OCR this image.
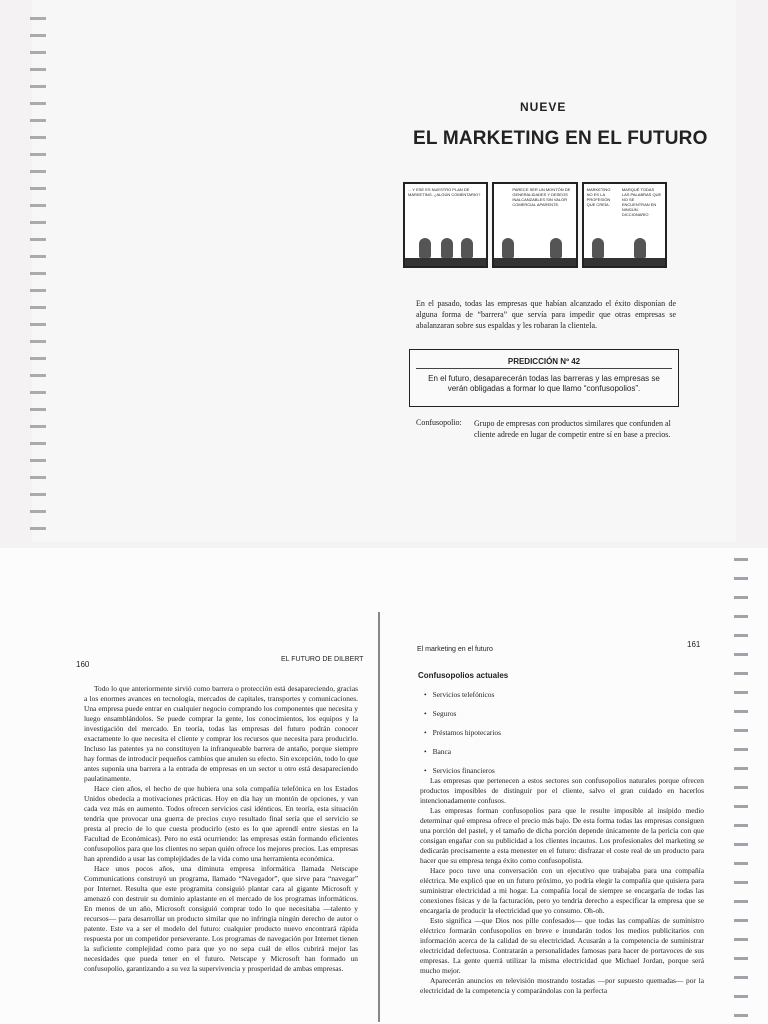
NUEVE
EL MARKETING EN EL FUTURO
... Y ESE ES NUESTRO PLAN DE MARKETING. ¿ALGÚN COMENTARIO?
PARECE SER UN MONTÓN DE GENERALIDADES Y DESEOS INALCANZABLES SIN VALOR COMERCIAL APARENTE.
MARKETING NO ES LA PROFESIÓN QUE CREÍA.
MARQUÉ TODAS LAS PALABRAS QUE NO SE ENCUENTRAN EN NINGÚN DICCIONARIO

En el pasado, todas las empresas que habían alcanzado el éxito disponían de alguna forma de “barrera” que servía para impedir que otras empresas se abalanzaran sobre sus espaldas y les robaran la clientela.

PREDICCIÓN Nº 42

En el futuro, desaparecerán todas las barreras y las empresas se verán obligadas a formar lo que llamo “confusopolios”.

Confusopolio: Grupo de empresas con productos similares que confunden al cliente adrede en lugar de competir entre sí en base a precios.

160
EL FUTURO DE DILBERT

Todo lo que anteriormente sirvió como barrera o protección está desapareciendo, gracias a los enormes avances en tecnología, mercados de capitales, transportes y comunicaciones. Una empresa puede entrar en cualquier negocio comprando los componentes que necesita y luego ensamblándolos. Se puede comprar la gente, los conocimientos, los equipos y la investigación del mercado. En teoría, todas las empresas del futuro podrán conocer exactamente lo que necesita el cliente y comprar los recursos que necesita para producirlo. Incluso las patentes ya no constituyen la infranqueable barrera de antaño, porque siempre hay formas de introducir pequeños cambios que anulen su efecto. Sin excepción, todo lo que antes suponía una barrera a la entrada de empresas en un sector u otro está desapareciendo paulatinamente.

Hace cien años, el hecho de que hubiera una sola compañía telefónica en los Estados Unidos obedecía a motivaciones prácticas. Hoy en día hay un montón de opciones, y van cada vez más en aumento. Todos ofrecen servicios casi idénticos. En teoría, esta situación tendría que provocar una guerra de precios cuyo resultado final sería que el servicio se presta al precio de lo que cuesta producirlo (esto es lo que aprendí entre siestas en la Facultad de Económicas). Pero no está ocurriendo: las empresas están formando eficientes confusopolios para que los clientes no sepan quién ofrece los mejores precios. Las empresas han aprendido a usar las complejidades de la vida como una herramienta económica.

Hace unos pocos años, una diminuta empresa informática llamada Netscape Communications construyó un programa, llamado “Navegador”, que sirve para “navegar” por Internet. Resulta que este programita consiguió plantar cara al gigante Microsoft y amenazó con destruir su dominio aplastante en el mercado de los programas informáticos. En menos de un año, Microsoft consiguió comprar todo lo que necesitaba —talento y recursos— para desarrollar un producto similar que no infringía ningún derecho de autor o patente. Este va a ser el modelo del futuro: cualquier producto nuevo encontrará rápida respuesta por un competidor perseverante. Los programas de navegación por Internet tienen la suficiente complejidad como para que yo no sepa cuál de ellos cubrirá mejor las necesidades que pueda tener en el futuro. Netscape y Microsoft han formado un confusopolio, garantizando a su vez la supervivencia y prosperidad de ambas empresas.

El marketing en el futuro
161
Confusopolios actuales
• Servicios telefónicos
• Seguros
• Préstamos hipotecarios
• Banca
• Servicios financieros

Las empresas que pertenecen a estos sectores son confusopolios naturales porque ofrecen productos imposibles de distinguir por el cliente, salvo el gran cuidado en hacerlos intencionadamente confusos.

Las empresas forman confusopolios para que le resulte imposible al insípido medio determinar qué empresa ofrece el precio más bajo. De esta forma todas las empresas consiguen una porción del pastel, y el tamaño de dicha porción depende únicamente de la pericia con que consigan engañar con su publicidad a los clientes incautos. Los profesionales del marketing se dedicarán precisamente a esta menester en el futuro: disfrazar el coste real de un producto para hacer que su empresa tenga éxito como confusopolista.

Hace poco tuve una conversación con un ejecutivo que trabajaba para una compañía eléctrica. Me explicó que en un futuro próximo, yo podría elegir la compañía que quisiera para suministrar electricidad a mi hogar. La compañía local de siempre se encargaría de todas las conexiones físicas y de la facturación, pero yo tendría derecho a especificar la empresa que se encargaría de producir la electricidad que yo consumo. Oh-oh.

Esto significa —que Dios nos pille confesados— que todas las compañías de suministro eléctrico formarán confusopolios en breve e inundarán todos los medios publicitarios con información acerca de la calidad de su electricidad. Acusarán a la competencia de suministrar electricidad defectuosa. Contratarán a personalidades famosas para hacer de portavoces de sus empresas. La gente querrá utilizar la misma electricidad que Michael Jordan, porque será mucho mejor.

Aparecerán anuncios en televisión mostrando tostadas —por supuesto quemadas— por la electricidad de la competencia y comparándolas con la perfecta
